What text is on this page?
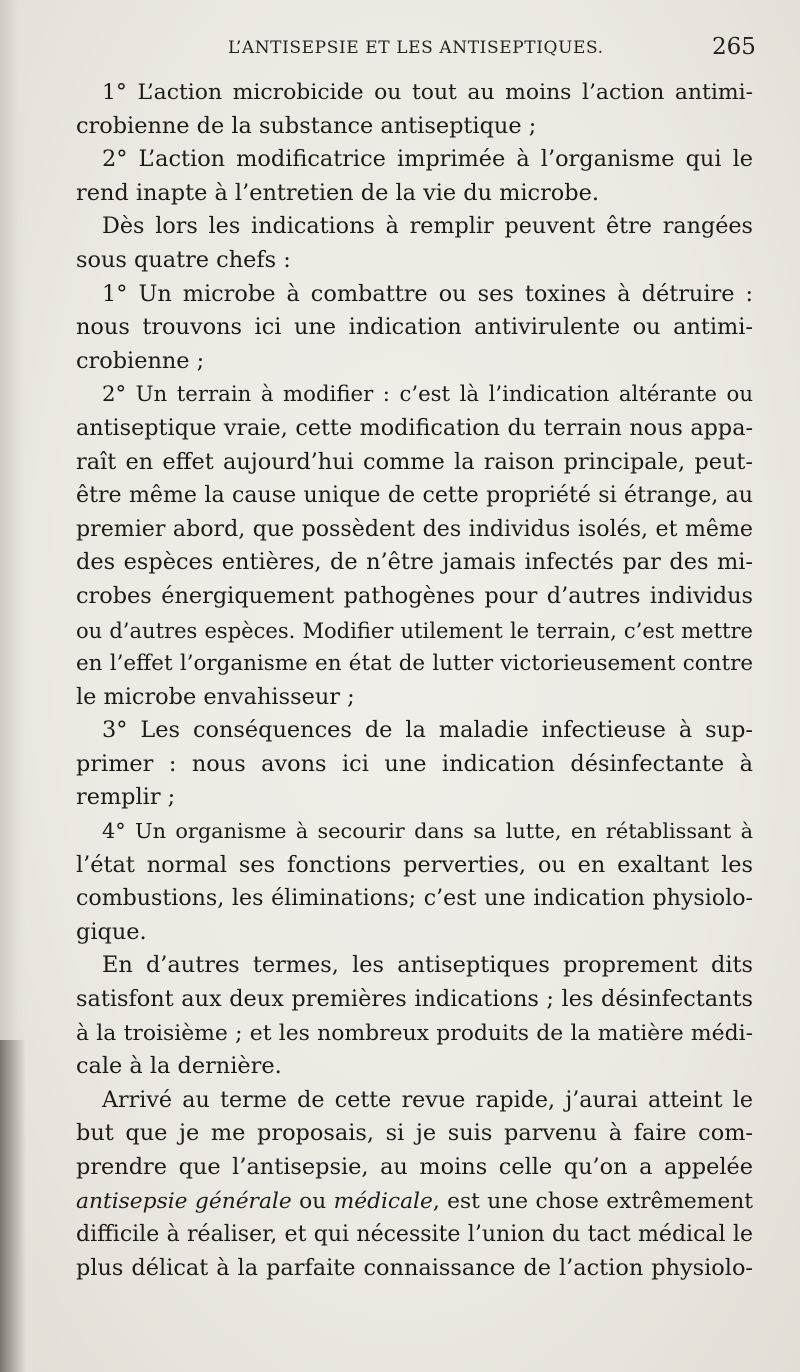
L’ANTISEPSIE ET LES ANTISEPTIQUES.	265
1° L’action microbicide ou tout au moins l’action antimi-
crobienne de la substance antiseptique ;
2° L’action modificatrice imprimée à l’organisme qui le
rend inapte à l’entretien de la vie du microbe.
Dès lors les indications à remplir peuvent être rangées
sous quatre chefs :
1° Un microbe à combattre ou ses toxines à détruire :
nous trouvons ici une indication antivirulente ou antimi-
crobienne ;
2° Un terrain à modifier : c’est là l’indication altérante ou
antiseptique vraie, cette modification du terrain nous appa-
raît en effet aujourd’hui comme la raison principale, peut-
être même la cause unique de cette propriété si étrange, au
premier abord, que possèdent des individus isolés, et même
des espèces entières, de n’être jamais infectés par des mi-
crobes énergiquement pathogènes pour d’autres individus
ou d’autres espèces. Modifier utilement le terrain, c’est mettre
en l’effet l’organisme en état de lutter victorieusement contre
le microbe envahisseur ;
3° Les conséquences de la maladie infectieuse à sup-
primer : nous avons ici une indication désinfectante à
remplir ;
4° Un organisme à secourir dans sa lutte, en rétablissant à
l’état normal ses fonctions perverties, ou en exaltant les
combustions, les éliminations; c’est une indication physiolo-
gique.
En d’autres termes, les antiseptiques proprement dits
satisfont aux deux premières indications ; les désinfectants
à la troisième ; et les nombreux produits de la matière médi-
cale à la dernière.
Arrivé au terme de cette revue rapide, j’aurai atteint le
but que je me proposais, si je suis parvenu à faire com-
prendre que l’antisepsie, au moins celle qu’on a appelée
antisepsie générale ou médicale, est une chose extrêmement
difficile à réaliser, et qui nécessite l’union du tact médical le
plus délicat à la parfaite connaissance de l’action physiolo-
